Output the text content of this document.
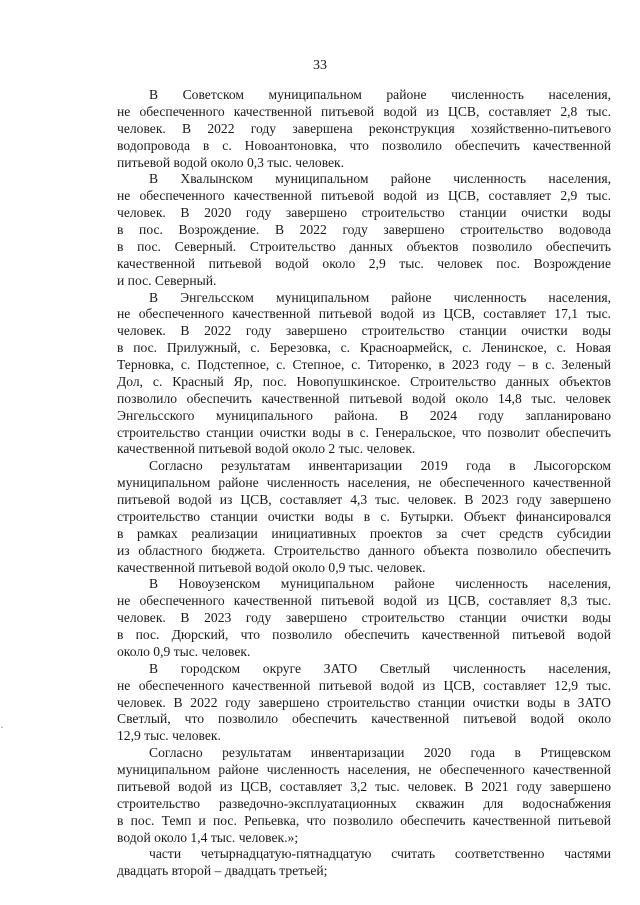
33
В Советском муниципальном районе численность населения,
не обеспеченного качественной питьевой водой из ЦСВ, составляет 2,8 тыс.
человек. В 2022 году завершена реконструкция хозяйственно-питьевого
водопровода в с. Новоантоновка, что позволило обеспечить качественной
питьевой водой около 0,3 тыс. человек.
В Хвалынском муниципальном районе численность населения,
не обеспеченного качественной питьевой водой из ЦСВ, составляет 2,9 тыс.
человек. В 2020 году завершено строительство станции очистки воды
в пос. Возрождение. В 2022 году завершено строительство водовода
в пос. Северный. Строительство данных объектов позволило обеспечить
качественной питьевой водой около 2,9 тыс. человек пос. Возрождение
и пос. Северный.
В Энгельсском муниципальном районе численность населения,
не обеспеченного качественной питьевой водой из ЦСВ, составляет 17,1 тыс.
человек. В 2022 году завершено строительство станции очистки воды
в пос. Прилужный, с. Березовка, с. Красноармейск, с. Ленинское, с. Новая
Терновка, с. Подстепное, с. Степное, с. Титоренко, в 2023 году – в с. Зеленый
Дол, с. Красный Яр, пос. Новопушкинское. Строительство данных объектов
позволило обеспечить качественной питьевой водой около 14,8 тыс. человек
Энгельсского муниципального района. В 2024 году запланировано
строительство станции очистки воды в с. Генеральское, что позволит обеспечить
качественной питьевой водой около 2 тыс. человек.
Согласно результатам инвентаризации 2019 года в Лысогорском
муниципальном районе численность населения, не обеспеченного качественной
питьевой водой из ЦСВ, составляет 4,3 тыс. человек. В 2023 году завершено
строительство станции очистки воды в с. Бутырки. Объект финансировался
в рамках реализации инициативных проектов за счет средств субсидии
из областного бюджета. Строительство данного объекта позволило обеспечить
качественной питьевой водой около 0,9 тыс. человек.
В Новоузенском муниципальном районе численность населения,
не обеспеченного качественной питьевой водой из ЦСВ, составляет 8,3 тыс.
человек. В 2023 году завершено строительство станции очистки воды
в пос. Дюрский, что позволило обеспечить качественной питьевой водой
около 0,9 тыс. человек.
В городском округе ЗАТО Светлый численность населения,
не обеспеченного качественной питьевой водой из ЦСВ, составляет 12,9 тыс.
человек. В 2022 году завершено строительство станции очистки воды в ЗАТО
Светлый, что позволило обеспечить качественной питьевой водой около
12,9 тыс. человек.
Согласно результатам инвентаризации 2020 года в Ртищевском
муниципальном районе численность населения, не обеспеченного качественной
питьевой водой из ЦСВ, составляет 3,2 тыс. человек. В 2021 году завершено
строительство разведочно-эксплуатационных скважин для водоснабжения
в пос. Темп и пос. Репьевка, что позволило обеспечить качественной питьевой
водой около 1,4 тыс. человек.»;
части четырнадцатую-пятнадцатую считать соответственно частями
двадцать второй – двадцать третьей;
·
